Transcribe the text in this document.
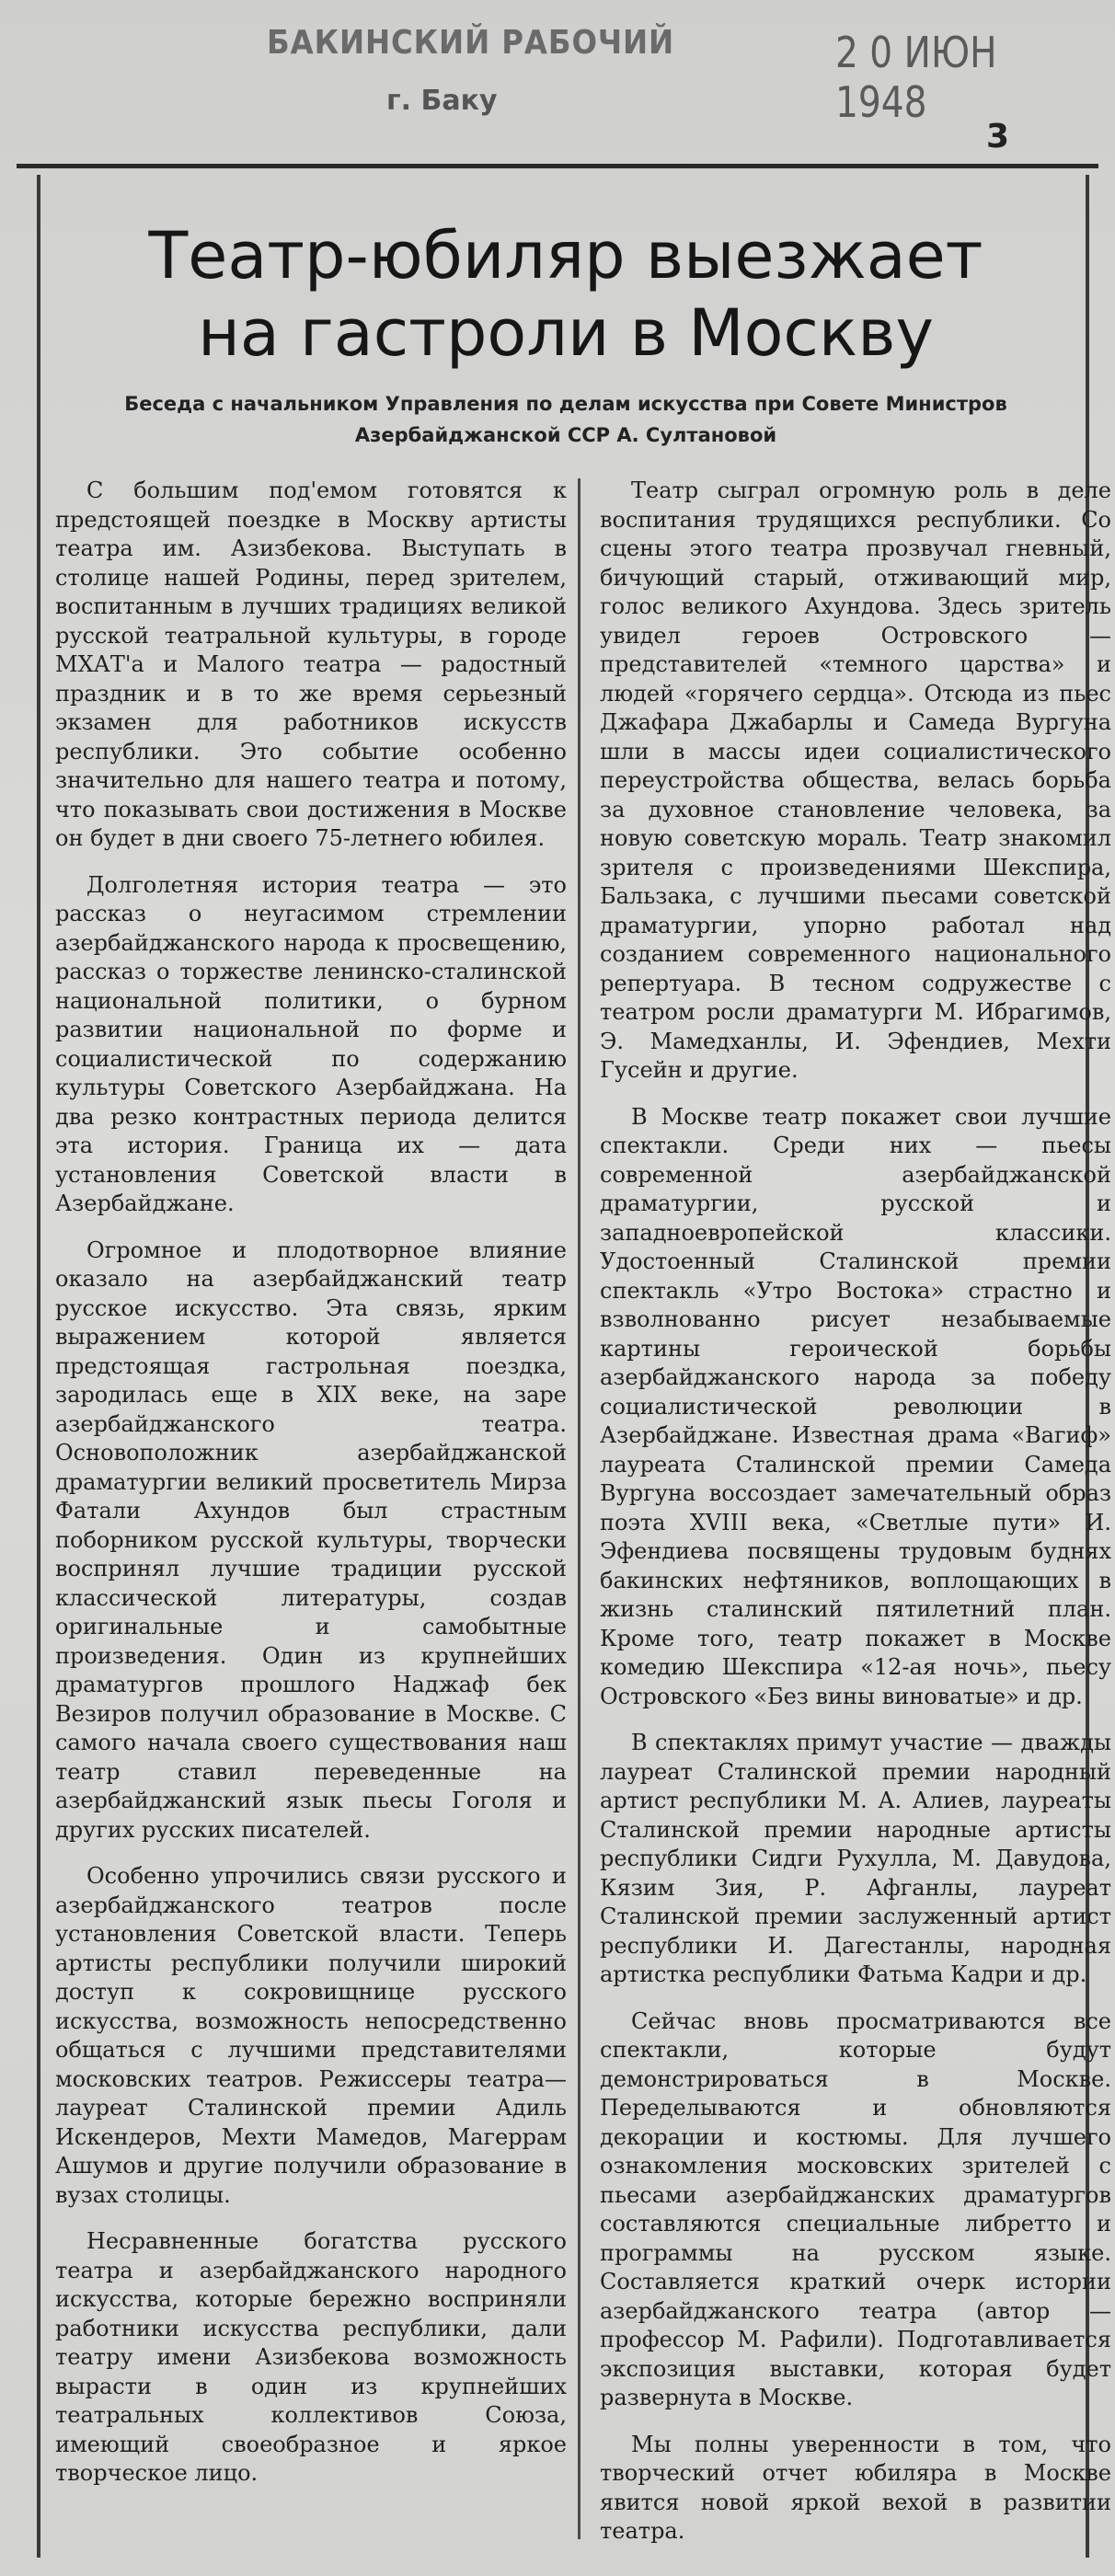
БАКИНСКИЙ РАБОЧИЙ
г. Баку
2 0 ИЮН 1948
3
Театр-юбиляр выезжает
на гастроли в Москву
Беседа с начальником Управления по делам искусства при Совете Министров
Азербайджанской ССР А. Султановой

С большим под'емом готовятся к предстоящей поездке в Москву артисты театра им. Азизбекова. Выступать в столице нашей Родины, перед зрителем, воспитанным в лучших традициях великой русской театральной культуры, в городе МХАТ'а и Малого театра — радостный праздник и в то же время серьезный экзамен для работников искусств республики. Это событие особенно значительно для нашего театра и потому, что показывать свои достижения в Москве он будет в дни своего 75-летнего юбилея.

Долголетняя история театра — это рассказ о неугасимом стремлении азербайджанского народа к просвещению, рассказ о торжестве ленинско-сталинской национальной политики, о бурном развитии национальной по форме и социалистической по содержанию культуры Советского Азербайджана. На два резко контрастных периода делится эта история. Граница их — дата установления Советской власти в Азербайджане.

Огромное и плодотворное влияние оказало на азербайджанский театр русское искусство. Эта связь, ярким выражением которой является предстоящая гастрольная поездка, зародилась еще в XIX веке, на заре азербайджанского театра. Основоположник азербайджанской драматургии великий просветитель Мирза Фатали Ахундов был страстным поборником русской культуры, творчески воспринял лучшие традиции русской классической литературы, создав оригинальные и самобытные произведения. Один из крупнейших драматургов прошлого Наджаф бек Везиров получил образование в Москве. С самого начала своего существования наш театр ставил переведенные на азербайджанский язык пьесы Гоголя и других русских писателей.

Особенно упрочились связи русского и азербайджанского театров после установления Советской власти. Теперь артисты республики получили широкий доступ к сокровищнице русского искусства, возможность непосредственно общаться с лучшими представителями московских театров. Режиссеры театра—лауреат Сталинской премии Адиль Искендеров, Мехти Мамедов, Магеррам Ашумов и другие получили образование в вузах столицы.

Несравненные богатства русского театра и азербайджанского народного искусства, которые бережно восприняли работники искусства республики, дали театру имени Азизбекова возможность вырасти в один из крупнейших театральных коллективов Союза, имеющий своеобразное и яркое творческое лицо.

Театр сыграл огромную роль в деле воспитания трудящихся республики. Со сцены этого театра прозвучал гневный, бичующий старый, отживающий мир, голос великого Ахундова. Здесь зритель увидел героев Островского — представителей «темного царства» и людей «горячего сердца». Отсюда из пьес Джафара Джабарлы и Самеда Вургуна шли в массы идеи социалистического переустройства общества, велась борьба за духовное становление человека, за новую советскую мораль. Театр знакомил зрителя с произведениями Шекспира, Бальзака, с лучшими пьесами советской драматургии, упорно работал над созданием современного национального репертуара. В тесном содружестве с театром росли драматурги М. Ибрагимов, Э. Мамедханлы, И. Эфендиев, Мехти Гусейн и другие.

В Москве театр покажет свои лучшие спектакли. Среди них — пьесы современной азербайджанской драматургии, русской и западноевропейской классики. Удостоенный Сталинской премии спектакль «Утро Востока» страстно и взволнованно рисует незабываемые картины героической борьбы азербайджанского народа за победу социалистической революции в Азербайджане. Известная драма «Вагиф» лауреата Сталинской премии Самеда Вургуна воссоздает замечательный образ поэта XVIII века, «Светлые пути» И. Эфендиева посвящены трудовым буднях бакинских нефтяников, воплощающих в жизнь сталинский пятилетний план. Кроме того, театр покажет в Москве комедию Шекспира «12-ая ночь», пьесу Островского «Без вины виноватые» и др.

В спектаклях примут участие — дважды лауреат Сталинской премии народный артист республики М. А. Алиев, лауреаты Сталинской премии народные артисты республики Сидги Рухулла, М. Давудова, Кязим Зия, Р. Афганлы, лауреат Сталинской премии заслуженный артист республики И. Дагестанлы, народная артистка республики Фатьма Кадри и др.

Сейчас вновь просматриваются все спектакли, которые будут демонстрироваться в Москве. Переделываются и обновляются декорации и костюмы. Для лучшего ознакомления московских зрителей с пьесами азербайджанских драматургов составляются специальные либретто и программы на русском языке. Составляется краткий очерк истории азербайджанского театра (автор — профессор М. Рафили). Подготавливается экспозиция выставки, которая будет развернута в Москве.

Мы полны уверенности в том, что творческий отчет юбиляра в Москве явится новой яркой вехой в развитии театра.
